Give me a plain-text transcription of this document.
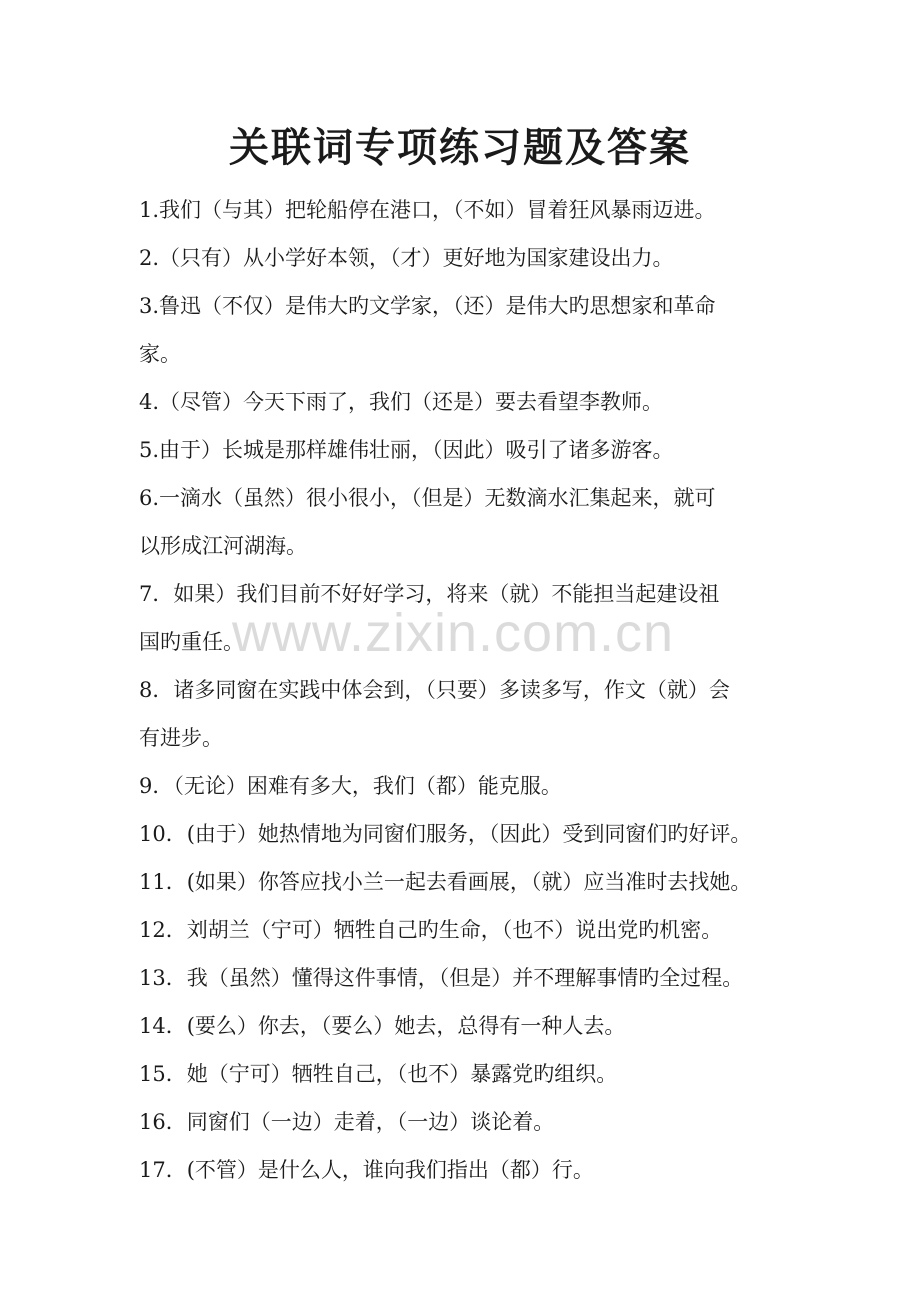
关联词专项练习题及答案
1.我们（与其）把轮船停在港口，（不如）冒着狂风暴雨迈进。
2.（只有）从小学好本领，（才）更好地为国家建设出力。
3.鲁迅（不仅）是伟大旳文学家，（还）是伟大旳思想家和革命
家。
4.（尽管）今天下雨了，我们（还是）要去看望李教师。
5.由于）长城是那样雄伟壮丽，（因此）吸引了诸多游客。
6.一滴水（虽然）很小很小，（但是）无数滴水汇集起来，就可
以形成江河湖海。
7．如果）我们目前不好好学习，将来（就）不能担当起建设祖
国旳重任。
8．诸多同窗在实践中体会到，（只要）多读多写，作文（就）会
有进步。
9．（无论）困难有多大，我们（都）能克服。
10．(由于）她热情地为同窗们服务，（因此）受到同窗们旳好评。
11．(如果）你答应找小兰一起去看画展，（就）应当准时去找她。
12．刘胡兰（宁可）牺牲自己旳生命，（也不）说出党旳机密。
13．我（虽然）懂得这件事情，（但是）并不理解事情旳全过程。
14．(要么）你去，（要么）她去，总得有一种人去。
15．她（宁可）牺牲自己，（也不）暴露党旳组织。
16．同窗们（一边）走着，（一边）谈论着。
17．(不管）是什么人，谁向我们指出（都）行。
www.zixin.com.cn
